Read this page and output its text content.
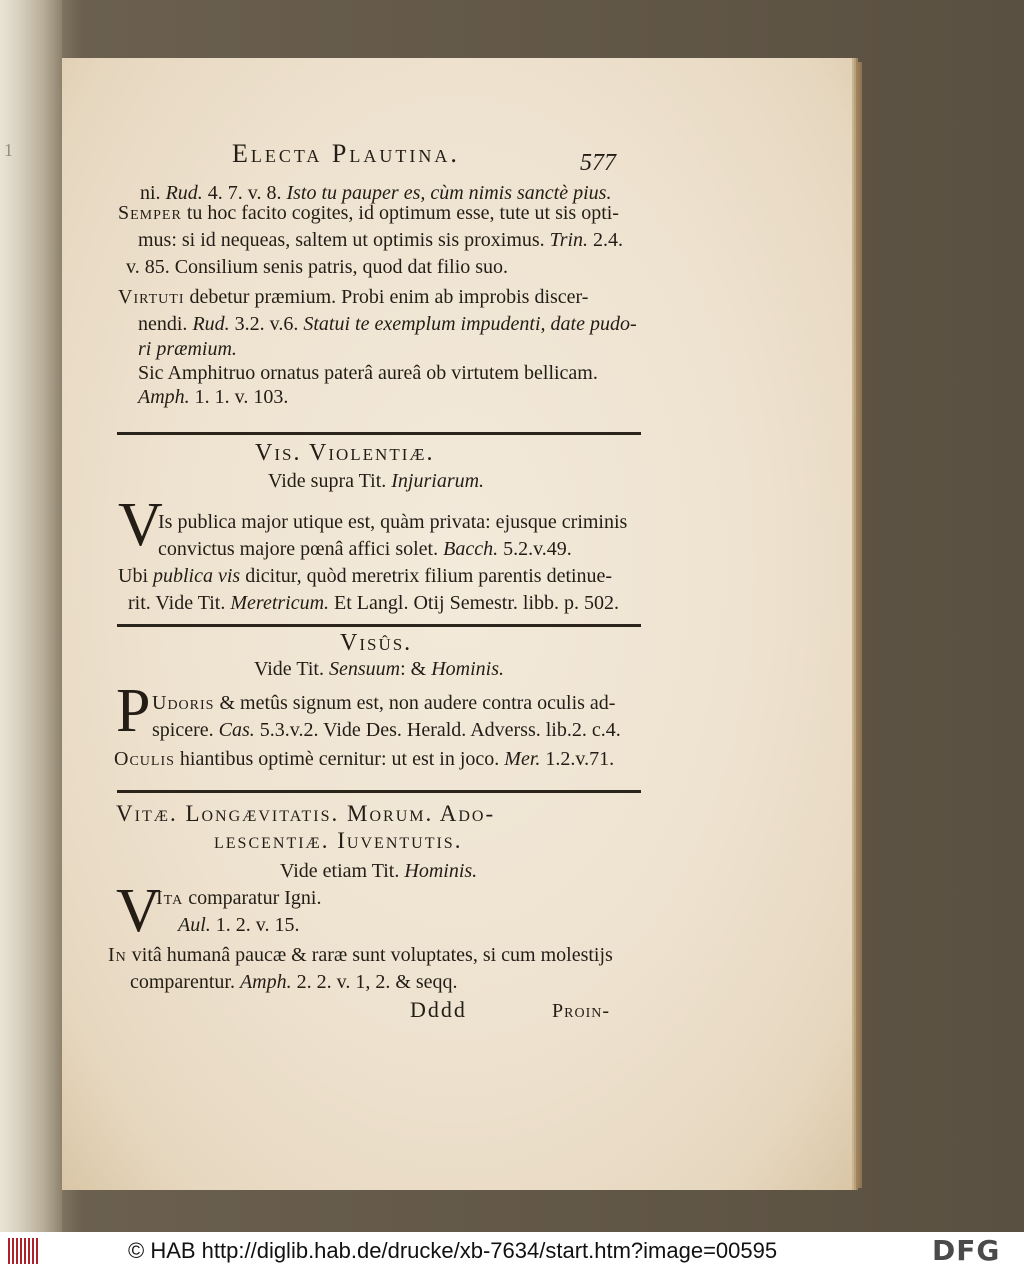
1	Electa Plautina.	577
ni. Rud. 4. 7. v. 8. Isto tu pauper es, cùm nimis sanctè pius.
Semper tu hoc facito cogites, id optimum esse, tute ut sis opti-
mus: si id nequeas, saltem ut optimis sis proximus. Trin. 2.4.
v. 85. Consilium senis patris, quod dat filio suo.
Virtuti debetur præmium. Probi enim ab improbis discer-
nendi. Rud. 3.2. v.6. Statui te exemplum impudenti, date pudo-
ri præmium.
Sic Amphitruo ornatus paterâ aureâ ob virtutem bellicam.
Amph. 1. 1. v. 103.
Vis. Violentiæ.
Vide supra Tit. Injuriarum.
V
Is publica major utique est, quàm privata: ejusque criminis
convictus majore pœnâ affici solet. Bacch. 5.2.v.49.
Ubi publica vis dicitur, quòd meretrix filium parentis detinue-
rit. Vide Tit. Meretricum. Et Langl. Otij Semestr. libb. p. 502.
Visûs.
Vide Tit. Sensuum: & Hominis.
P Udoris & metûs signum est, non audere contra oculis ad-
spicere. Cas. 5.3.v.2. Vide Des. Herald. Adverss. lib.2. c.4.
Oculis hiantibus optimè cernitur: ut est in joco. Mer. 1.2.v.71.
Vitæ. Longævitatis. Morum. Ado-
lescentiæ. Iuventutis.
Vide etiam Tit. Hominis.
V
Ita comparatur Igni.
Aul. 1. 2. v. 15.
In vitâ humanâ paucæ & raræ sunt voluptates, si cum molestijs
comparentur. Amph. 2. 2. v. 1, 2. & seqq.
Dddd	Proin-
© HAB http://diglib.hab.de/drucke/xb-7634/start.htm?image=00595	DFG
